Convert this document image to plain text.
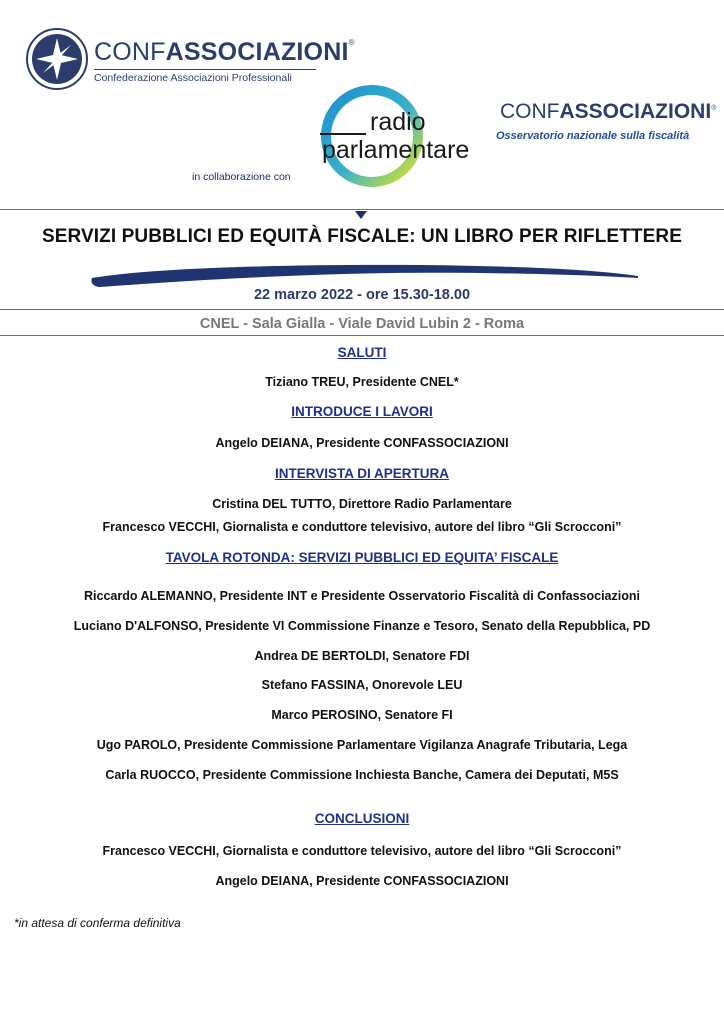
CONFASSOCIAZIONI®
Confederazione Associazioni Professionali
radio
parlamentare
in collaborazione con
CONFASSOCIAZIONI®
Osservatorio nazionale sulla fiscalità
SERVIZI PUBBLICI ED EQUITÀ FISCALE: UN LIBRO PER RIFLETTERE
22 marzo 2022 - ore 15.30-18.00
CNEL - Sala Gialla - Viale David Lubin 2 - Roma
SALUTI
Tiziano TREU, Presidente CNEL*
INTRODUCE I LAVORI
Angelo DEIANA, Presidente CONFASSOCIAZIONI
INTERVISTA DI APERTURA
Cristina DEL TUTTO, Direttore Radio Parlamentare
Francesco VECCHI, Giornalista e conduttore televisivo, autore del libro “Gli Scrocconi”
TAVOLA ROTONDA: SERVIZI PUBBLICI ED EQUITA’ FISCALE
Riccardo ALEMANNO, Presidente INT e Presidente Osservatorio Fiscalità di Confassociazioni
Luciano D'ALFONSO, Presidente VI Commissione Finanze e Tesoro, Senato della Repubblica, PD
Andrea DE BERTOLDI, Senatore FDI
Stefano FASSINA, Onorevole LEU
Marco PEROSINO, Senatore FI
Ugo PAROLO, Presidente Commissione Parlamentare Vigilanza Anagrafe Tributaria, Lega
Carla RUOCCO, Presidente Commissione Inchiesta Banche, Camera dei Deputati, M5S
CONCLUSIONI
Francesco VECCHI, Giornalista e conduttore televisivo, autore del libro “Gli Scrocconi”
Angelo DEIANA, Presidente CONFASSOCIAZIONI
*in attesa di conferma definitiva
